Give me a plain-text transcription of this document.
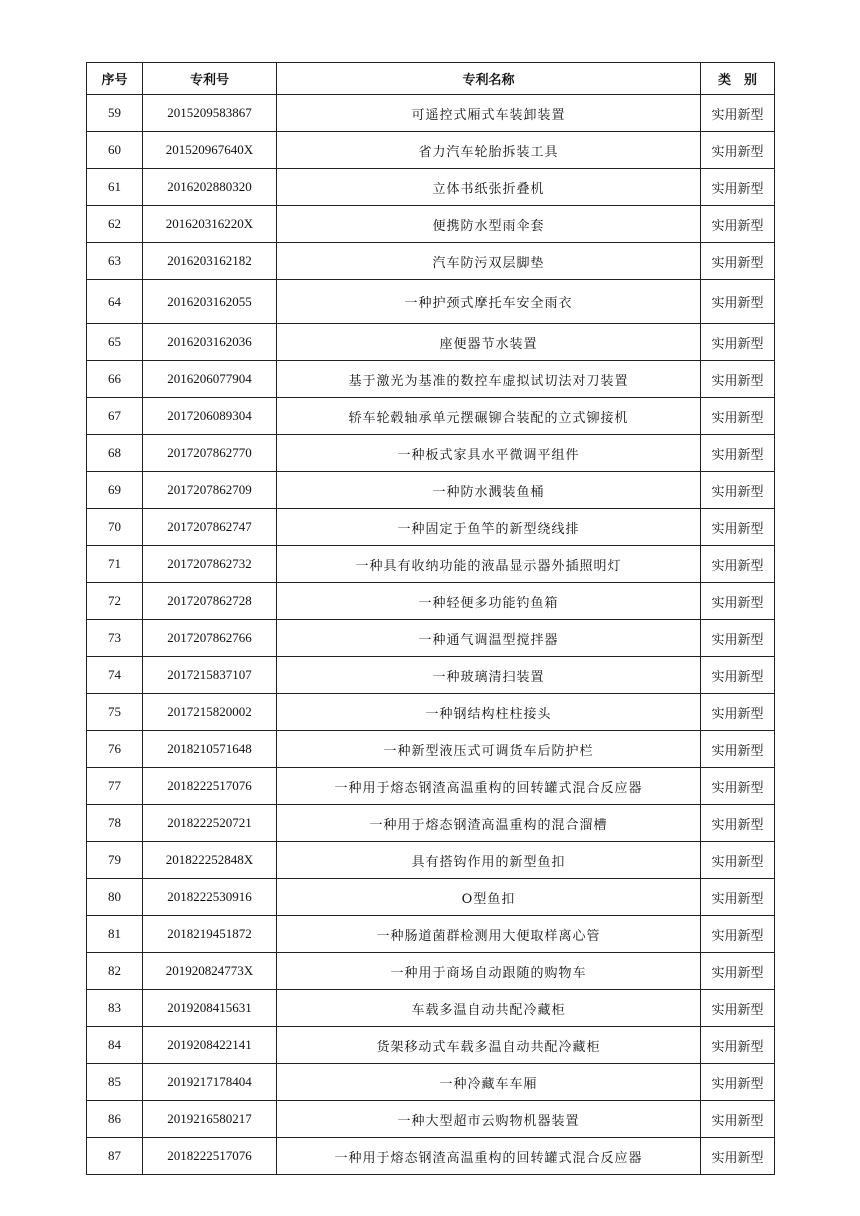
序号	专利号	专利名称	类　别
59	2015209583867	可遥控式厢式车装卸装置	实用新型
60	201520967640X	省力汽车轮胎拆装工具	实用新型
61	2016202880320	立体书纸张折叠机	实用新型
62	201620316220X	便携防水型雨伞套	实用新型
63	2016203162182	汽车防污双层脚垫	实用新型
64	2016203162055	一种护颈式摩托车安全雨衣	实用新型
65	2016203162036	座便器节水装置	实用新型
66	2016206077904	基于激光为基准的数控车虚拟试切法对刀装置	实用新型
67	2017206089304	轿车轮毂轴承单元摆碾铆合装配的立式铆接机	实用新型
68	2017207862770	一种板式家具水平微调平组件	实用新型
69	2017207862709	一种防水溅装鱼桶	实用新型
70	2017207862747	一种固定于鱼竿的新型绕线排	实用新型
71	2017207862732	一种具有收纳功能的液晶显示器外插照明灯	实用新型
72	2017207862728	一种轻便多功能钓鱼箱	实用新型
73	2017207862766	一种通气调温型搅拌器	实用新型
74	2017215837107	一种玻璃清扫装置	实用新型
75	2017215820002	一种钢结构柱柱接头	实用新型
76	2018210571648	一种新型液压式可调货车后防护栏	实用新型
77	2018222517076	一种用于熔态钢渣高温重构的回转罐式混合反应器	实用新型
78	2018222520721	一种用于熔态钢渣高温重构的混合溜槽	实用新型
79	201822252848X	具有搭钩作用的新型鱼扣	实用新型
80	2018222530916	O型鱼扣	实用新型
81	2018219451872	一种肠道菌群检测用大便取样离心管	实用新型
82	201920824773X	一种用于商场自动跟随的购物车	实用新型
83	2019208415631	车载多温自动共配冷藏柜	实用新型
84	2019208422141	货架移动式车载多温自动共配冷藏柜	实用新型
85	2019217178404	一种冷藏车车厢	实用新型
86	2019216580217	一种大型超市云购物机器装置	实用新型
87	2018222517076	一种用于熔态钢渣高温重构的回转罐式混合反应器	实用新型
